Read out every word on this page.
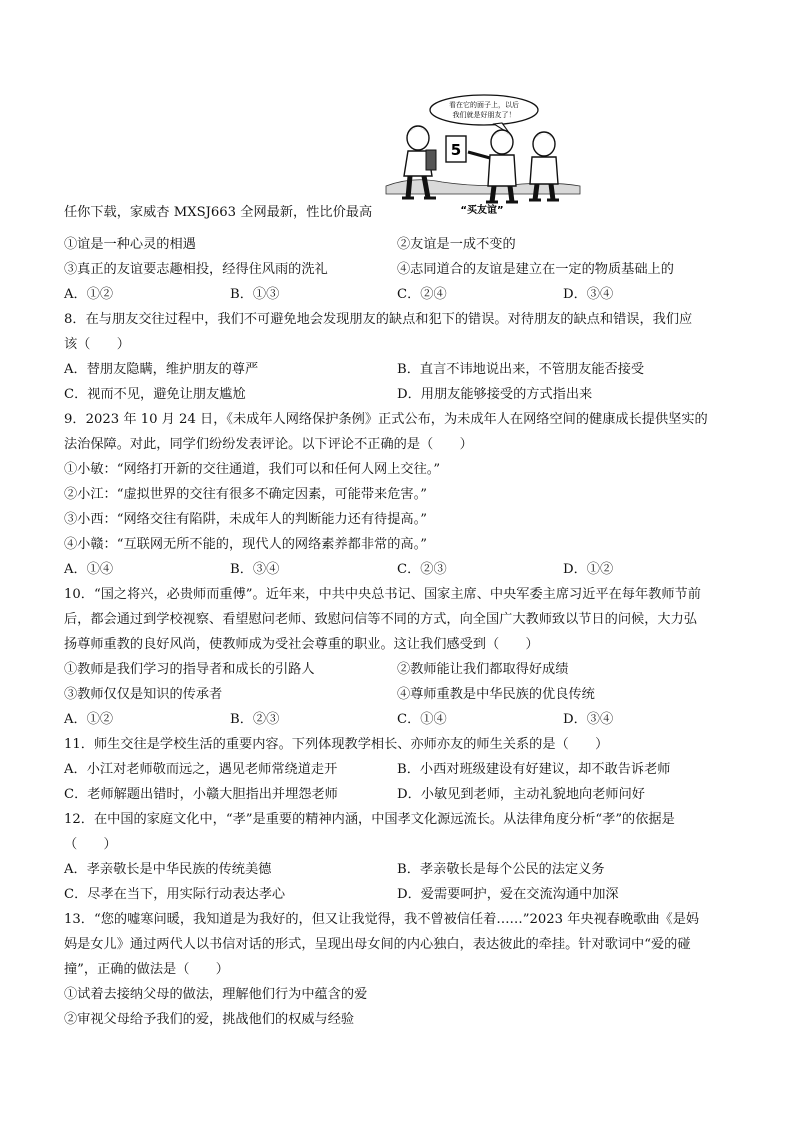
看在它的面子上，以后
我们就是好朋友了！
5
“买友谊”
任你下载，家威杏 MXSJ663 全网最新，性比价最高
①谊是一种心灵的相遇	②友谊是一成不变的
③真正的友谊要志趣相投，经得住风雨的洗礼	④志同道合的友谊是建立在一定的物质基础上的
A．①②	B．①③	C．②④	D．③④
8．在与朋友交往过程中，我们不可避免地会发现朋友的缺点和犯下的错误。对待朋友的缺点和错误，我们应
该（　　）
A．替朋友隐瞒，维护朋友的尊严	B．直言不讳地说出来，不管朋友能否接受
C．视而不见，避免让朋友尴尬	D．用朋友能够接受的方式指出来
9．2023 年 10 月 24 日，《未成年人网络保护条例》正式公布，为未成年人在网络空间的健康成长提供坚实的
法治保障。对此，同学们纷纷发表评论。以下评论不正确的是（　　）
①小敏：“网络打开新的交往通道，我们可以和任何人网上交往。”
②小江：“虚拟世界的交往有很多不确定因素，可能带来危害。”
③小西：“网络交往有陷阱，未成年人的判断能力还有待提高。”
④小赣：“互联网无所不能的，现代人的网络素养都非常的高。”
A．①④	B．③④	C．②③	D．①②
10．“国之将兴，必贵师而重傅”。近年来，中共中央总书记、国家主席、中央军委主席习近平在每年教师节前
后，都会通过到学校视察、看望慰问老师、致慰问信等不同的方式，向全国广大教师致以节日的问候，大力弘
扬尊师重教的良好风尚，使教师成为受社会尊重的职业。这让我们感受到（　　）
①教师是我们学习的指导者和成长的引路人	②教师能让我们都取得好成绩
③教师仅仅是知识的传承者	④尊师重教是中华民族的优良传统
A．①②	B．②③	C．①④	D．③④
11．师生交往是学校生活的重要内容。下列体现教学相长、亦师亦友的师生关系的是（　　）
A．小江对老师敬而远之，遇见老师常绕道走开	B．小西对班级建设有好建议，却不敢告诉老师
C．老师解题出错时，小赣大胆指出并埋怨老师	D．小敏见到老师，主动礼貌地向老师问好
12．在中国的家庭文化中，“孝”是重要的精神内涵，中国孝文化源远流长。从法律角度分析“孝”的依据是
（　　）
A．孝亲敬长是中华民族的传统美德	B．孝亲敬长是每个公民的法定义务
C．尽孝在当下，用实际行动表达孝心	D．爱需要呵护，爱在交流沟通中加深
13．“您的嘘寒问暖，我知道是为我好的，但又让我觉得，我不曾被信任着……”2023 年央视春晚歌曲《是妈
妈是女儿》通过两代人以书信对话的形式，呈现出母女间的内心独白，表达彼此的牵挂。针对歌词中“爱的碰
撞”，正确的做法是（　　）
①试着去接纳父母的做法，理解他们行为中蕴含的爱
②审视父母给予我们的爱，挑战他们的权威与经验
